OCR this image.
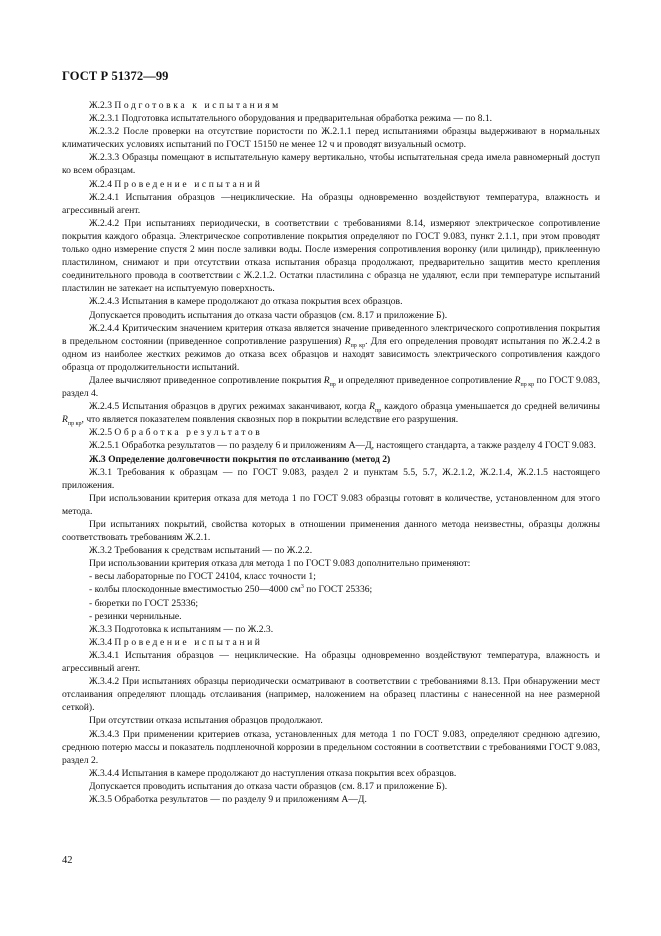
ГОСТ Р 51372—99

Ж.2.3 Подготовка к испытаниям

Ж.2.3.1 Подготовка испытательного оборудования и предварительная обработка режима — по 8.1.

Ж.2.3.2 После проверки на отсутствие пористости по Ж.2.1.1 перед испытаниями образцы выдерживают в нормальных климатических условиях испытаний по ГОСТ 15150 не менее 12 ч и проводят визуальный осмотр.

Ж.2.3.3 Образцы помещают в испытательную камеру вертикально, чтобы испытательная среда имела равномерный доступ ко всем образцам.

Ж.2.4 Проведение испытаний

Ж.2.4.1 Испытания образцов —нециклические. На образцы одновременно воздействуют температура, влажность и агрессивный агент.

Ж.2.4.2 При испытаниях периодически, в соответствии с требованиями 8.14, измеряют электрическое сопротивление покрытия каждого образца. Электрическое сопротивление покрытия определяют по ГОСТ 9.083, пункт 2.1.1, при этом проводят только одно измерение спустя 2 мин после заливки воды. После измерения сопротивления воронку (или цилиндр), приклеенную пластилином, снимают и при отсутствии отказа испытания образца продолжают, предварительно защитив место крепления соединительного провода в соответствии с Ж.2.1.2. Остатки пластилина с образца не удаляют, если при температуре испытаний пластилин не затекает на испытуемую поверхность.

Ж.2.4.3 Испытания в камере продолжают до отказа покрытия всех образцов.

Допускается проводить испытания до отказа части образцов (см. 8.17 и приложение Б).

Ж.2.4.4 Критическим значением критерия отказа является значение приведенного электрического сопротивления покрытия в предельном состоянии (приведенное сопротивление разрушения) $R_{пр кр}$. Для его определения проводят испытания по Ж.2.4.2 в одном из наиболее жестких режимов до отказа всех образцов и находят зависимость электрического сопротивления каждого образца от продолжительности испытаний.

Далее вычисляют приведенное сопротивление покрытия $R_{пр}$ и определяют приведенное сопротивление $R_{пр кр}$ по ГОСТ 9.083, раздел 4.

Ж.2.4.5 Испытания образцов в других режимах заканчивают, когда $R_{пр}$ каждого образца уменьшается до средней величины $R_{пр кр}$, что является показателем появления сквозных пор в покрытии вследствие его разрушения.

Ж.2.5 Обработка результатов

Ж.2.5.1 Обработка результатов — по разделу 6 и приложениям А—Д, настоящего стандарта, а также разделу 4 ГОСТ 9.083.

Ж.3 Определение долговечности покрытия по отслаиванию (метод 2)

Ж.3.1 Требования к образцам — по ГОСТ 9.083, раздел 2 и пунктам 5.5, 5.7, Ж.2.1.2, Ж.2.1.4, Ж.2.1.5 настоящего приложения.

При использовании критерия отказа для метода 1 по ГОСТ 9.083 образцы готовят в количестве, установленном для этого метода.

При испытаниях покрытий, свойства которых в отношении применения данного метода неизвестны, образцы должны соответствовать требованиям Ж.2.1.

Ж.3.2 Требования к средствам испытаний — по Ж.2.2.

При использовании критерия отказа для метода 1 по ГОСТ 9.083 дополнительно применяют:

- весы лабораторные по ГОСТ 24104, класс точности 1;

- колбы плоскодонные вместимостью 250—4000 $см^3$ по ГОСТ 25336;

- бюретки по ГОСТ 25336;

- резинки чернильные.

Ж.3.3 Подготовка к испытаниям — по Ж.2.3.

Ж.3.4 Проведение испытаний

Ж.3.4.1 Испытания образцов — нециклические. На образцы одновременно воздействуют температура, влажность и агрессивный агент.

Ж.3.4.2 При испытаниях образцы периодически осматривают в соответствии с требованиями 8.13. При обнаружении мест отслаивания определяют площадь отслаивания (например, наложением на образец пластины с нанесенной на нее размерной сеткой).

При отсутствии отказа испытания образцов продолжают.

Ж.3.4.3 При применении критериев отказа, установленных для метода 1 по ГОСТ 9.083, определяют среднюю адгезию, среднюю потерю массы и показатель подпленочной коррозии в предельном состоянии в соответствии с требованиями ГОСТ 9.083, раздел 2.

Ж.3.4.4 Испытания в камере продолжают до наступления отказа покрытия всех образцов.

Допускается проводить испытания до отказа части образцов (см. 8.17 и приложение Б).

Ж.3.5 Обработка результатов — по разделу 9 и приложениям А—Д.

42
